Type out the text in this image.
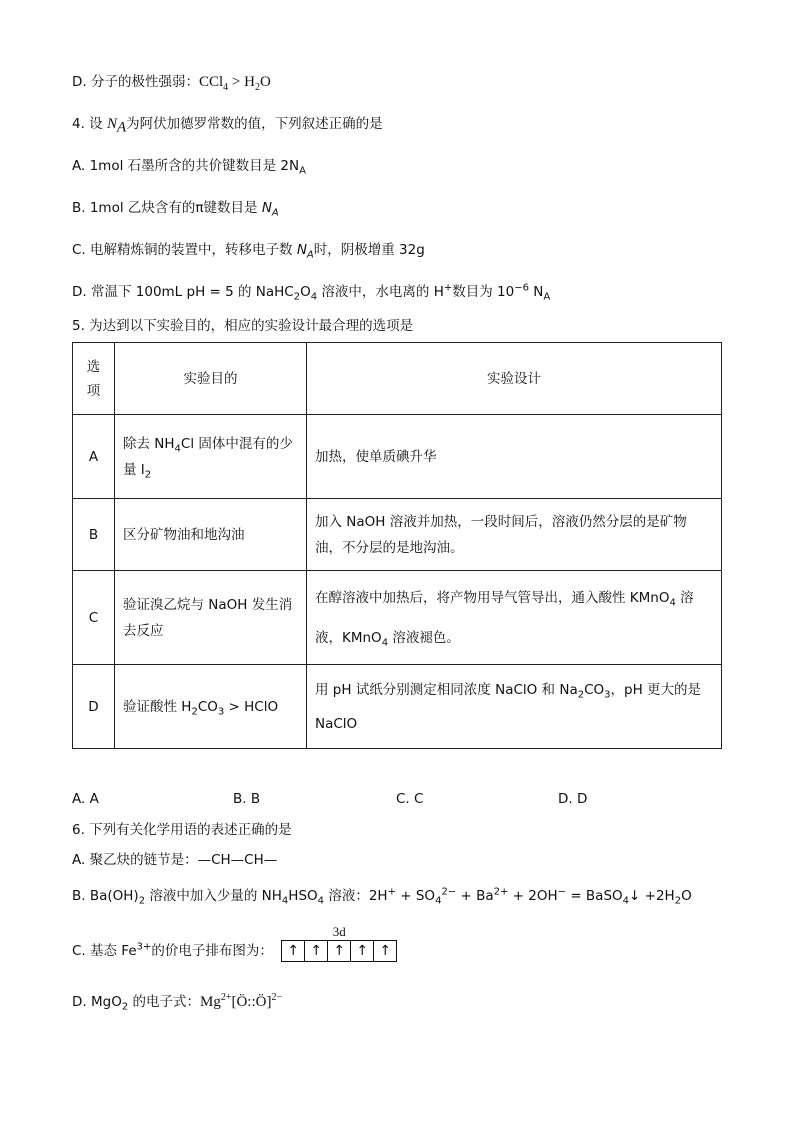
D. 分子的极性强弱：$CCl_4 > H_2O$
4. 设 $N_A$为阿伏加德罗常数的值，下列叙述正确的是
A. 1mol 石墨所含的共价键数目是 $2N_A$
B. 1mol 乙炔含有的π键数目是 $N_A$
C. 电解精炼铜的装置中，转移电子数 $N_A$时，阴极增重 32g
D. 常温下 100mL pH = 5 的 $NaHC_2O_4$ 溶液中，水电离的 H+数目为 $10^{-6}$ $N_A$
5. 为达到以下实验目的，相应的实验设计最合理的选项是
选
项	实验目的	实验设计
A	除去 $NH_4Cl$ 固体中混有的少量 $I_2$	加热，使单质碘升华
B	区分矿物油和地沟油	加入 NaOH 溶液并加热，一段时间后，溶液仍然分层的是矿物油，不分层的是地沟油。
C	验证溴乙烷与 NaOH 发生消去反应	在醇溶液中加热后，将产物用导气管导出，通入酸性 KMnO$_4$ 溶液，KMnO$_4$ 溶液褪色。
D	验证酸性 $H_2CO_3$ > HClO	用 pH 试纸分别测定相同浓度 NaClO 和 $Na_2CO_3$，pH 更大的是 NaClO
A. A	B. B	C. C	D. D
6. 下列有关化学用语的表述正确的是
A. 聚乙炔的链节是：—CH—CH—
B. $Ba(OH)_2$ 溶液中加入少量的 $NH_4HSO_4$ 溶液：$2H^+ + SO_4^{2-} + Ba^{2+} + 2OH^-$ = BaSO$_4$↓ $+2H_2O$
C. 基态 $Fe^{3+}$的价电子排布图为：
3d
↑ ↑ ↑ ↑ ↑
D. MgO$_2$ 的电子式：$Mg^{2+}[Ö::Ö]^{2-}$
